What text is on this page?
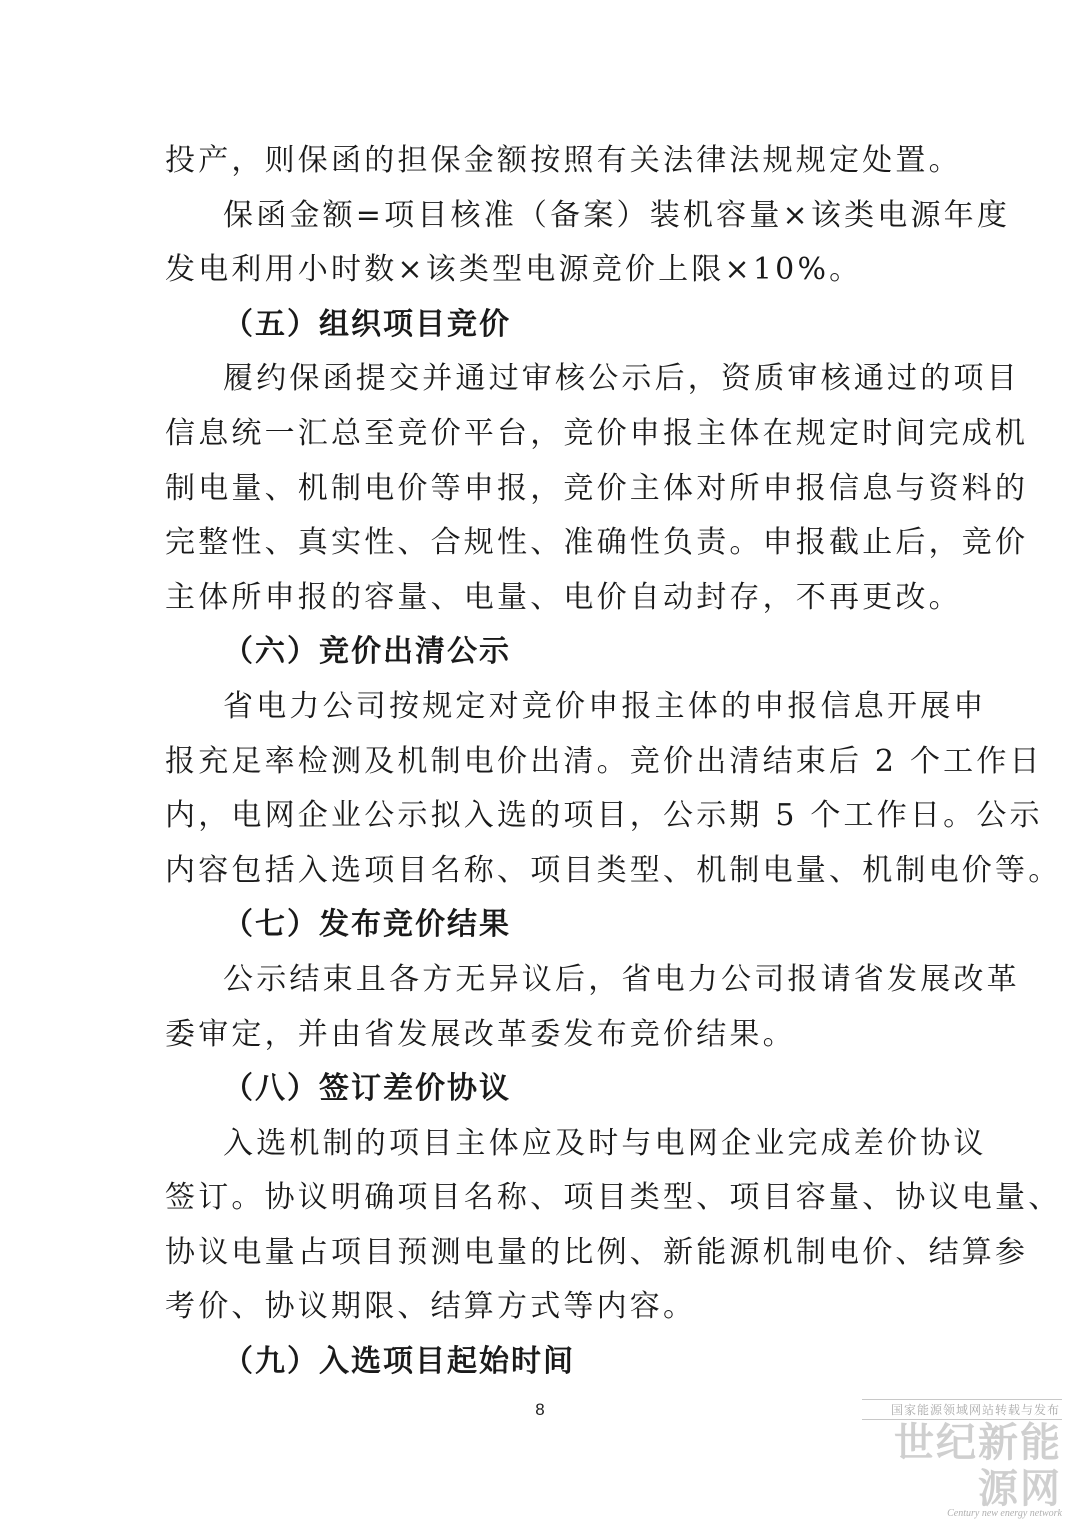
投产，则保函的担保金额按照有关法律法规规定处置。
保函金额=项目核准（备案）装机容量×该类电源年度
发电利用小时数×该类型电源竞价上限×10%。
（五）组织项目竞价
履约保函提交并通过审核公示后，资质审核通过的项目
信息统一汇总至竞价平台，竞价申报主体在规定时间完成机
制电量、机制电价等申报，竞价主体对所申报信息与资料的
完整性、真实性、合规性、准确性负责。申报截止后，竞价
主体所申报的容量、电量、电价自动封存，不再更改。
（六）竞价出清公示
省电力公司按规定对竞价申报主体的申报信息开展申
报充足率检测及机制电价出清。竞价出清结束后 2 个工作日
内，电网企业公示拟入选的项目，公示期 5 个工作日。公示
内容包括入选项目名称、项目类型、机制电量、机制电价等。
（七）发布竞价结果
公示结束且各方无异议后，省电力公司报请省发展改革
委审定，并由省发展改革委发布竞价结果。
（八）签订差价协议
入选机制的项目主体应及时与电网企业完成差价协议
签订。协议明确项目名称、项目类型、项目容量、协议电量、
协议电量占项目预测电量的比例、新能源机制电价、结算参
考价、协议期限、结算方式等内容。
（九）入选项目起始时间
8	国家能源领域网站转载与发布
世纪新能源网
Century new energy network
